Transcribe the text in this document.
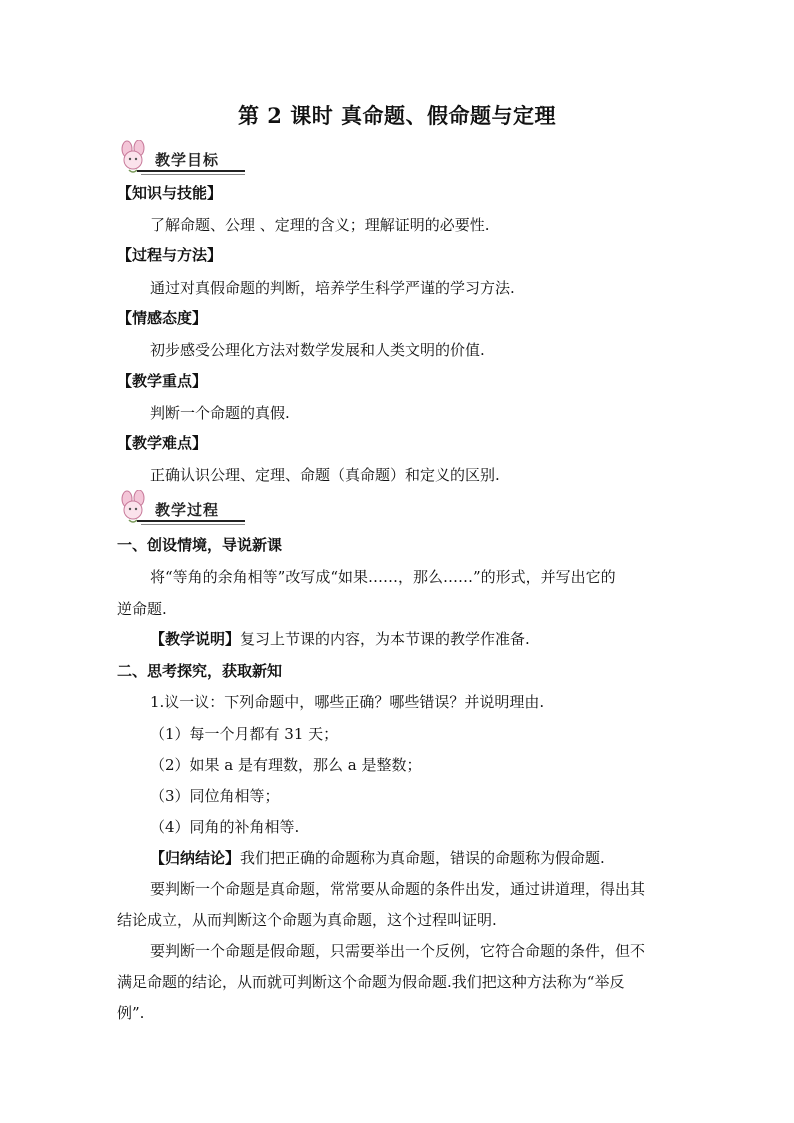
第 2 课时 真命题、假命题与定理
教学目标
【知识与技能】
了解命题、公理 、定理的含义；理解证明的必要性.
【过程与方法】
通过对真假命题的判断，培养学生科学严谨的学习方法.
【情感态度】
初步感受公理化方法对数学发展和人类文明的价值.
【教学重点】
判断一个命题的真假.
【教学难点】
正确认识公理、定理、命题（真命题）和定义的区别.
教学过程
一、创设情境，导说新课
将“等角的余角相等”改写成“如果……，那么……”的形式，并写出它的
逆命题.
【教学说明】复习上节课的内容，为本节课的教学作准备.
二、思考探究，获取新知
1.议一议：下列命题中，哪些正确？哪些错误？并说明理由.
（1）每一个月都有 31 天；
（2）如果 a 是有理数，那么 a 是整数；
（3）同位角相等；
（4）同角的补角相等.
【归纳结论】我们把正确的命题称为真命题，错误的命题称为假命题.
要判断一个命题是真命题，常常要从命题的条件出发，通过讲道理，得出其
结论成立，从而判断这个命题为真命题，这个过程叫证明.
要判断一个命题是假命题，只需要举出一个反例，它符合命题的条件，但不
满足命题的结论，从而就可判断这个命题为假命题.我们把这种方法称为“举反
例”.
